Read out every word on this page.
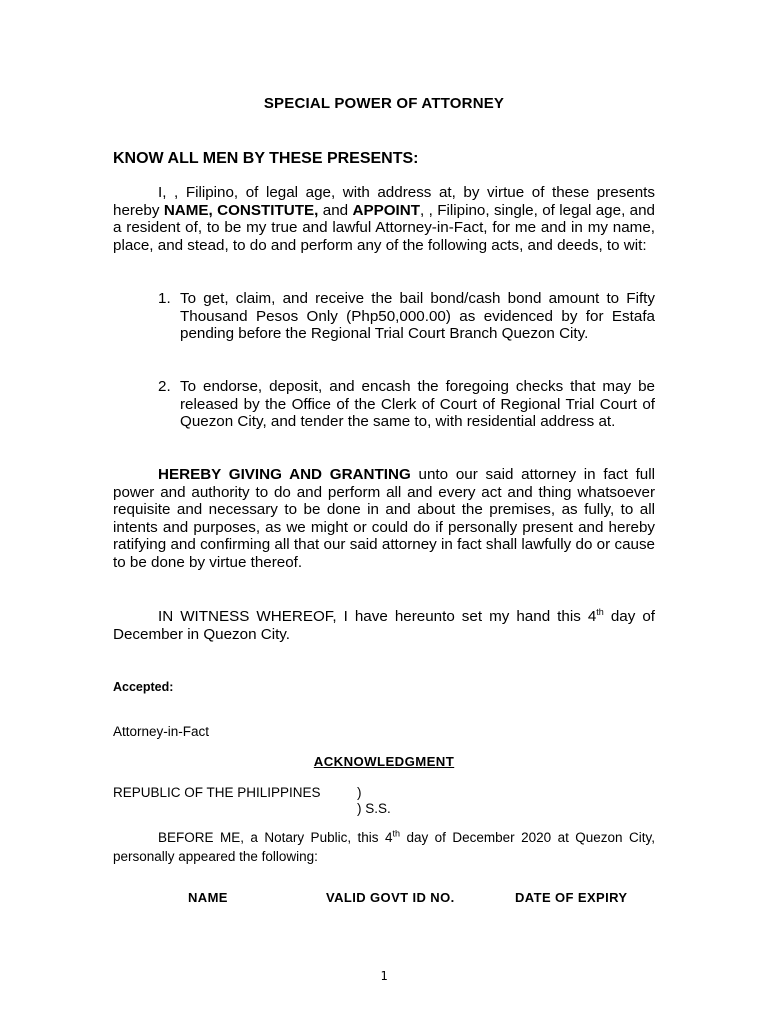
SPECIAL POWER OF ATTORNEY
KNOW ALL MEN BY THESE PRESENTS:
I, , Filipino, of legal age, with address at, by virtue of these presents hereby NAME, CONSTITUTE, and APPOINT, , Filipino, single, of legal age, and a resident of, to be my true and lawful Attorney-in-Fact, for me and in my name, place, and stead, to do and perform any of the following acts, and deeds, to wit:
1. To get, claim, and receive the bail bond/cash bond amount to Fifty Thousand Pesos Only (Php50,000.00) as evidenced by for Estafa pending before the Regional Trial Court Branch Quezon City.
2. To endorse, deposit, and encash the foregoing checks that may be released by the Office of the Clerk of Court of Regional Trial Court of Quezon City, and tender the same to, with residential address at.
HEREBY GIVING AND GRANTING unto our said attorney in fact full power and authority to do and perform all and every act and thing whatsoever requisite and necessary to be done in and about the premises, as fully, to all intents and purposes, as we might or could do if personally present and hereby ratifying and confirming all that our said attorney in fact shall lawfully do or cause to be done by virtue thereof.
IN WITNESS WHEREOF, I have hereunto set my hand this 4th day of December in Quezon City.
Accepted:
Attorney-in-Fact
ACKNOWLEDGMENT
REPUBLIC OF THE PHILIPPINES	)
) S.S.
BEFORE ME, a Notary Public, this 4th day of December 2020 at Quezon City, personally appeared the following:
NAME	VALID GOVT ID NO.	DATE OF EXPIRY
1
